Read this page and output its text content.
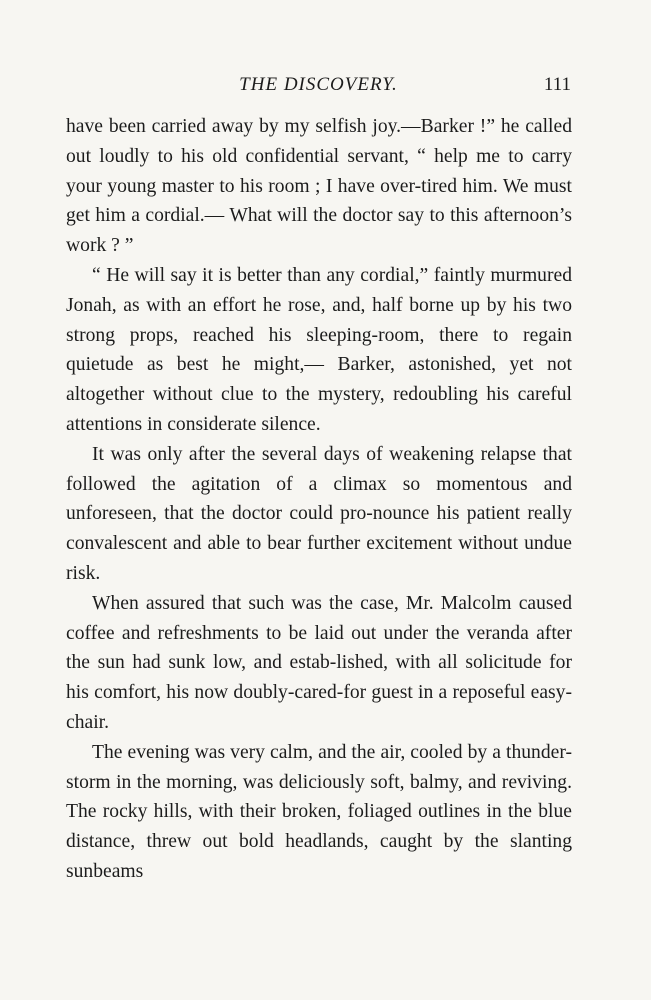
THE DISCOVERY.	111

have been carried away by my selfish joy.—Barker !” he called out loudly to his old confidential servant, “ help me to carry your young master to his room ; I have over-tired him. We must get him a cordial.— What will the doctor say to this afternoon’s work ? ”

“ He will say it is better than any cordial,” faintly murmured Jonah, as with an effort he rose, and, half borne up by his two strong props, reached his sleeping-room, there to regain quietude as best he might,— Barker, astonished, yet not altogether without clue to the mystery, redoubling his careful attentions in considerate silence.

It was only after the several days of weakening relapse that followed the agitation of a climax so momentous and unforeseen, that the doctor could pro-nounce his patient really convalescent and able to bear further excitement without undue risk.

When assured that such was the case, Mr. Malcolm caused coffee and refreshments to be laid out under the veranda after the sun had sunk low, and estab-lished, with all solicitude for his comfort, his now doubly-cared-for guest in a reposeful easy-chair.

The evening was very calm, and the air, cooled by a thunder-storm in the morning, was deliciously soft, balmy, and reviving. The rocky hills, with their broken, foliaged outlines in the blue distance, threw out bold headlands, caught by the slanting sunbeams
